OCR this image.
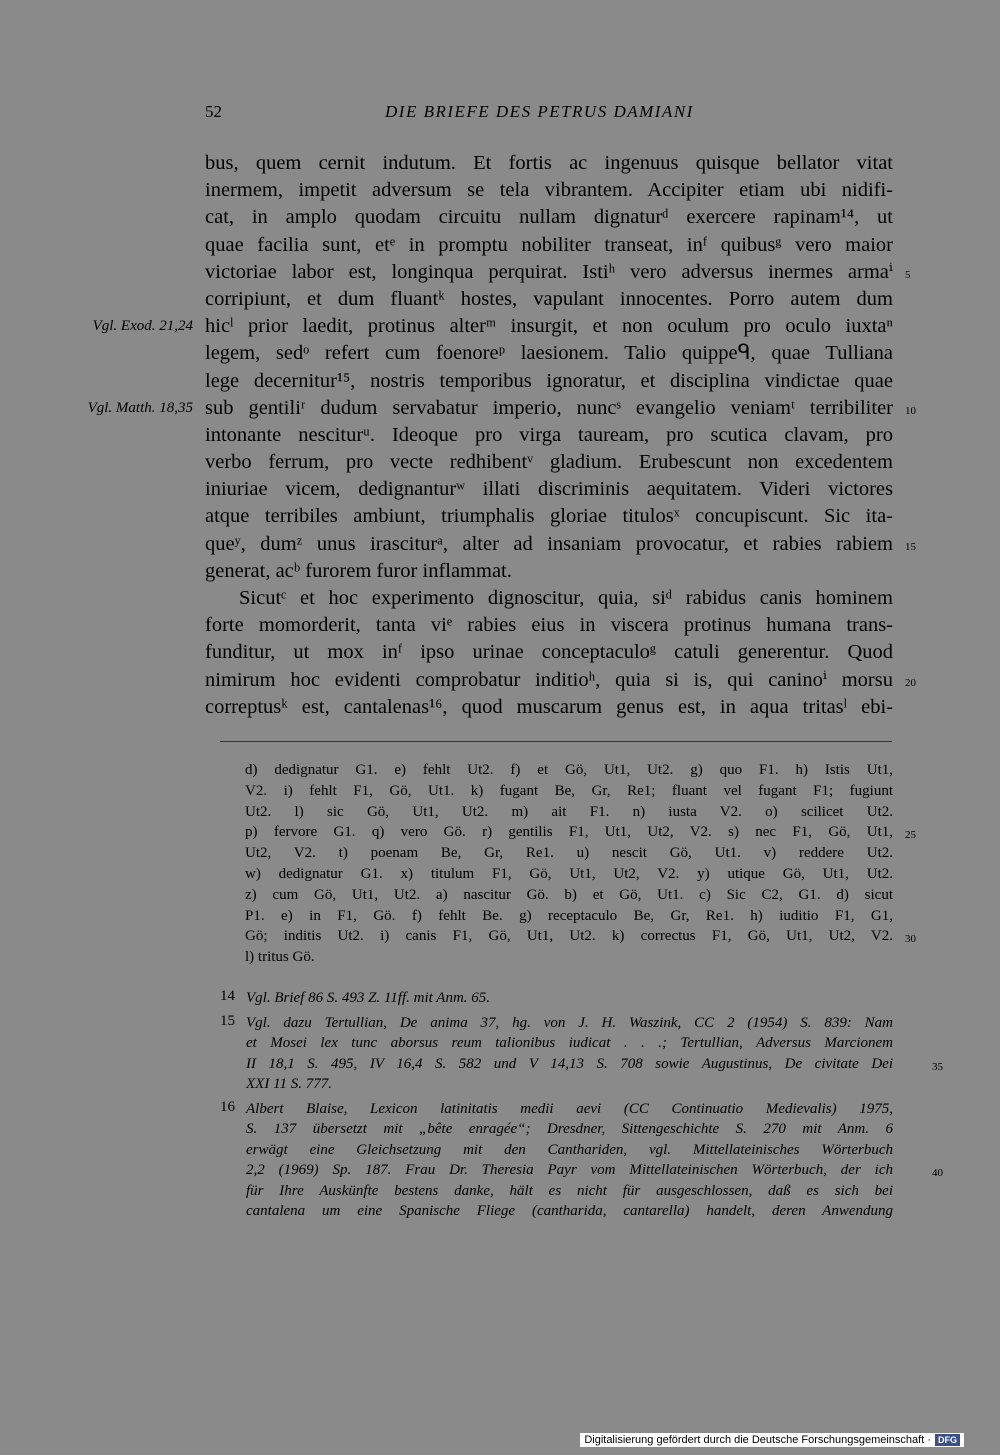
52	DIE BRIEFE DES PETRUS DAMIANI
bus, quem cernit indutum. Et fortis ac ingenuus quisque bellator vitat
inermem, impetit adversum se tela vibrantem. Accipiter etiam ubi nidifi-
cat, in amplo quodam circuitu nullam dignaturᵈ exercere rapinam¹⁴, ut
quae facilia sunt, etᵉ in promptu nobiliter transeat, inᶠ quibusᵍ vero maior
victoriae labor est, longinqua perquirat. Istiʰ vero adversus inermes armaⁱ 5
corripiunt, et dum fluantᵏ hostes, vapulant innocentes. Porro autem dum
Vgl. Exod. 21,24 hicˡ prior laedit, protinus alterᵐ insurgit, et non oculum pro oculo iuxtaⁿ
legem, sedᵒ refert cum foenoreᵖ laesionem. Talio quippeᑫ, quae Tulliana
lege decernitur¹⁵, nostris temporibus ignoratur, et disciplina vindictae quae
Vgl. Matth. 18,35 sub gentiliʳ dudum servabatur imperio, nuncˢ evangelio veniamᵗ terribiliter 10
intonante nesciturᵘ. Ideoque pro virga tauream, pro scutica clavam, pro
verbo ferrum, pro vecte redhibentᵛ gladium. Erubescunt non excedentem
iniuriae vicem, dedignanturʷ illati discriminis aequitatem. Videri victores
atque terribiles ambiunt, triumphalis gloriae titulosˣ concupiscunt. Sic ita-
queʸ, dumᶻ unus irasciturᵃ, alter ad insaniam provocatur, et rabies rabiem 15
generat, acᵇ furorem furor inflammat.
Sicutᶜ et hoc experimento dignoscitur, quia, siᵈ rabidus canis hominem
forte momorderit, tanta viᵉ rabies eius in viscera protinus humana trans-
funditur, ut mox inᶠ ipso urinae conceptaculoᵍ catuli generentur. Quod
nimirum hoc evidenti comprobatur inditioʰ, quia si is, qui caninoⁱ morsu 20
correptusᵏ est, cantalenas¹⁶, quod muscarum genus est, in aqua tritasˡ ebi-
d) dedignatur G1. e) fehlt Ut2. f) et Gö, Ut1, Ut2. g) quo F1. h) Istis Ut1,
V2. i) fehlt F1, Gö, Ut1. k) fugant Be, Gr, Re1; fluant vel fugant F1; fugiunt
Ut2. l) sic Gö, Ut1, Ut2. m) ait F1. n) iusta V2. o) scilicet Ut2.
p) fervore G1. q) vero Gö. r) gentilis F1, Ut1, Ut2, V2. s) nec F1, Gö, Ut1, 25
Ut2, V2. t) poenam Be, Gr, Re1. u) nescit Gö, Ut1. v) reddere Ut2.
w) dedignatur G1. x) titulum F1, Gö, Ut1, Ut2, V2. y) utique Gö, Ut1, Ut2.
z) cum Gö, Ut1, Ut2. a) nascitur Gö. b) et Gö, Ut1. c) Sic C2, G1. d) sicut
P1. e) in F1, Gö. f) fehlt Be. g) receptaculo Be, Gr, Re1. h) iuditio F1, G1,
Gö; inditis Ut2. i) canis F1, Gö, Ut1, Ut2. k) correctus F1, Gö, Ut1, Ut2, V2. 30
l) tritus Gö.
14 Vgl. Brief 86 S. 493 Z. 11ff. mit Anm. 65.
15 Vgl. dazu Tertullian, De anima 37, hg. von J. H. Waszink, CC 2 (1954) S. 839: Nam
et Mosei lex tunc aborsus reum talionibus iudicat . . .; Tertullian, Adversus Marcionem
II 18,1 S. 495, IV 16,4 S. 582 und V 14,13 S. 708 sowie Augustinus, De civitate Dei	35
XXI 11 S. 777.
16 Albert Blaise, Lexicon latinitatis medii aevi (CC Continuatio Medievalis) 1975,
S. 137 übersetzt mit „bête enragée“; Dresdner, Sittengeschichte S. 270 mit Anm. 6
erwägt eine Gleichsetzung mit den Canthariden, vgl. Mittellateinisches Wörterbuch
2,2 (1969) Sp. 187. Frau Dr. Theresia Payr vom Mittellateinischen Wörterbuch, der ich	40
für Ihre Auskünfte bestens danke, hält es nicht für ausgeschlossen, daß es sich bei
cantalena um eine Spanische Fliege (cantharida, cantarella) handelt, deren Anwendung
Digitalisierung gefördert durch die Deutsche Forschungsgemeinschaft · DFG
